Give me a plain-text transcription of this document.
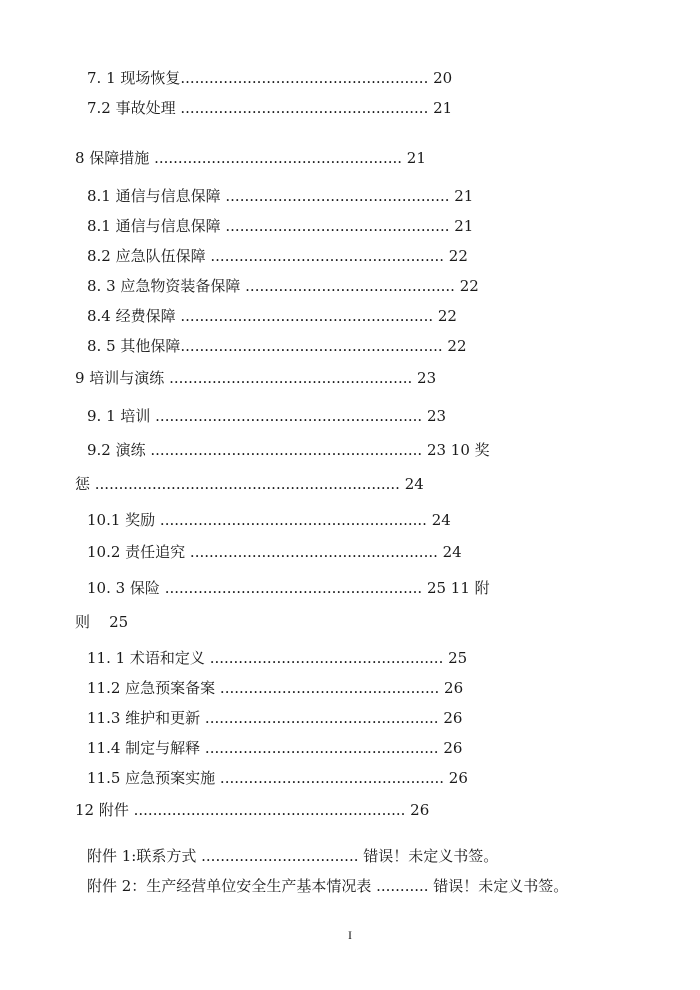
7. 1 现场恢复.................................................... 20
7.2 事故处理 .................................................... 21
8 保障措施 .................................................... 21
8.1 通信与信息保障 ............................................... 21
8.1 通信与信息保障 ............................................... 21
8.2 应急队伍保障 ................................................. 22
8. 3 应急物资装备保障 ............................................ 22
8.4 经费保障 ..................................................... 22
8. 5 其他保障....................................................... 22
9 培训与演练 ................................................... 23
9. 1 培训 ........................................................ 23
9.2 演练 ......................................................... 23 10 奖
惩 ................................................................ 24
10.1 奖励 ........................................................ 24
10.2 责任追究 .................................................... 24
10. 3 保险 ...................................................... 25 11 附
则    25
11. 1 术语和定义 ................................................. 25
11.2 应急预案备案 .............................................. 26
11.3 维护和更新 ................................................. 26
11.4 制定与解释 ................................................. 26
11.5 应急预案实施 ............................................... 26
12 附件 ......................................................... 26
附件 1:联系方式 ................................. 错误！未定义书签。
附件 2：生产经营单位安全生产基本情况表 ........... 错误！未定义书签。
I
